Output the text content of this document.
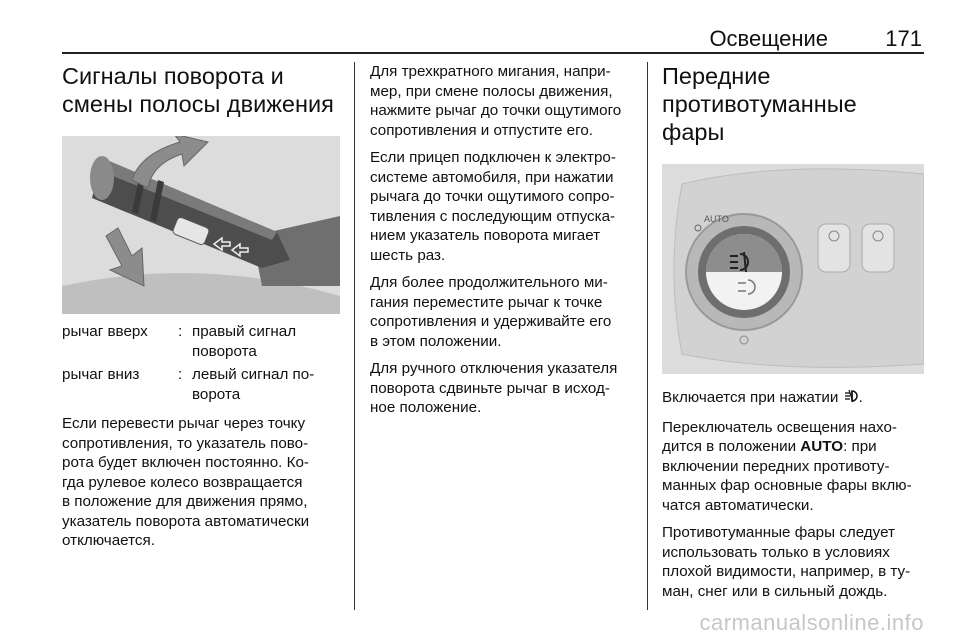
Освещение	171
Сигналы поворота и
смены полосы движения
рычаг вверх	: правый сигнал
поворота
рычаг вниз	: левый сигнал по-
ворота

Если перевести рычаг через точку
сопротивления, то указатель пово-
рота будет включен постоянно. Ко-
гда рулевое колесо возвращается
в положение для движения прямо,
указатель поворота автоматически
отключается.

Для трехкратного мигания, напри-
мер, при смене полосы движения,
нажмите рычаг до точки ощутимого
сопротивления и отпустите его.

Если прицеп подключен к электро-
системе автомобиля, при нажатии
рычага до точки ощутимого сопро-
тивления с последующим отпуска-
нием указатель поворота мигает
шесть раз.

Для более продолжительного ми-
гания переместите рычаг к точке
сопротивления и удерживайте его
в этом положении.

Для ручного отключения указателя
поворота сдвиньте рычаг в исход-
ное положение.

Передние
противотуманные фары
AUTO

Включается при нажатии .

Переключатель освещения нахо-
дится в положении AUTO: при
включении передних противоту-
манных фар основные фары вклю-
чатся автоматически.

Противотуманные фары следует
использовать только в условиях
плохой видимости, например, в ту-
ман, снег или в сильный дождь.

carmanualsonline.info
